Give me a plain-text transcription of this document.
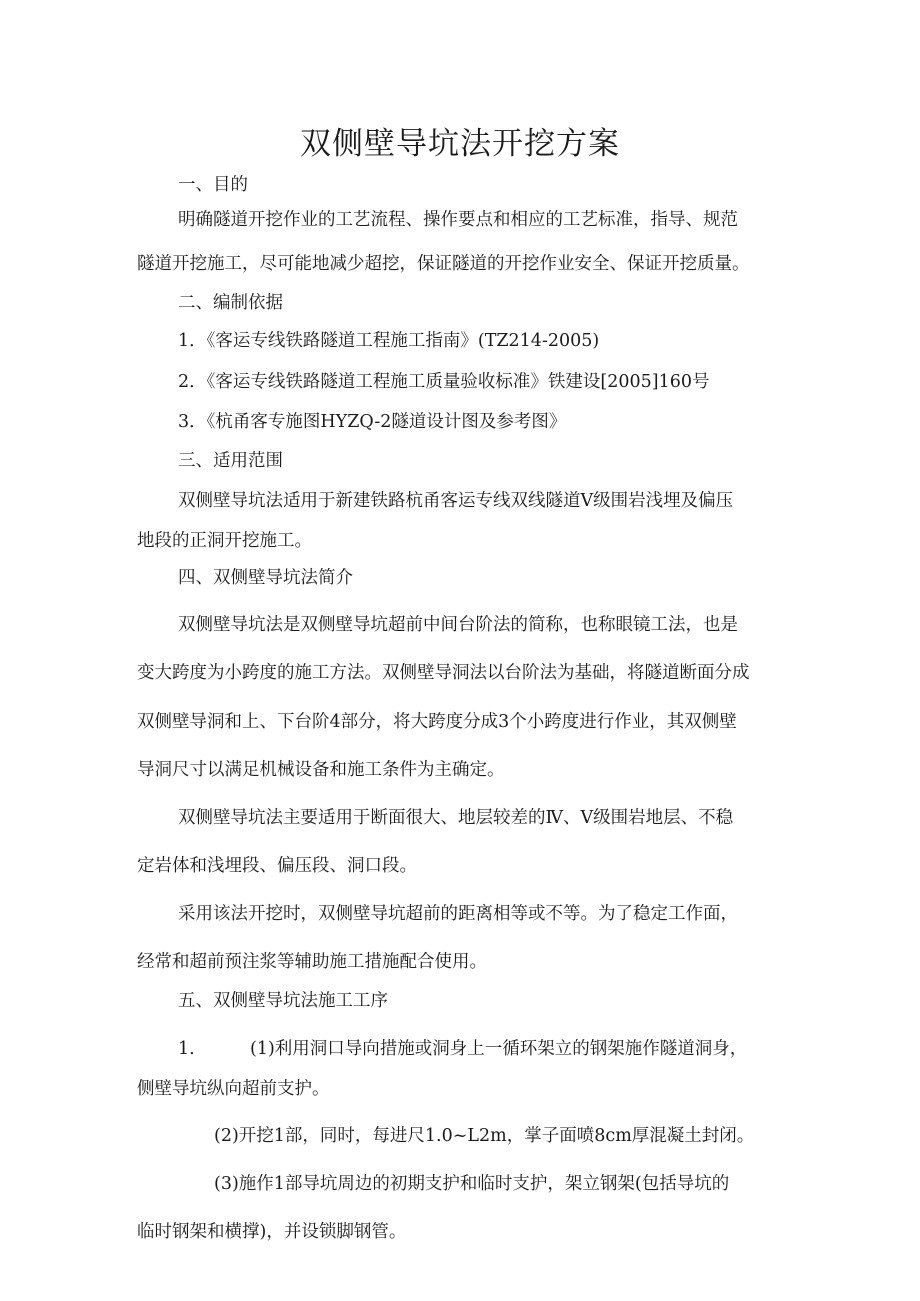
双侧壁导坑法开挖方案

一、目的

明确隧道开挖作业的工艺流程、操作要点和相应的工艺标准，指导、规范

隧道开挖施工，尽可能地减少超挖，保证隧道的开挖作业安全、保证开挖质量。

二、编制依据

1．《客运专线铁路隧道工程施工指南》(TZ214-2005)

2．《客运专线铁路隧道工程施工质量验收标准》铁建设[2005]160号

3．《杭甬客专施图HYZQ-2隧道设计图及参考图》

三、适用范围

双侧壁导坑法适用于新建铁路杭甬客运专线双线隧道Ⅴ级围岩浅埋及偏压

地段的正洞开挖施工。

四、双侧壁导坑法简介

双侧壁导坑法是双侧壁导坑超前中间台阶法的简称，也称眼镜工法，也是

变大跨度为小跨度的施工方法。双侧壁导洞法以台阶法为基础，将隧道断面分成

双侧壁导洞和上、下台阶4部分，将大跨度分成3个小跨度进行作业，其双侧壁

导洞尺寸以满足机械设备和施工条件为主确定。

双侧壁导坑法主要适用于断面很大、地层较差的Ⅳ、Ⅴ级围岩地层、不稳

定岩体和浅埋段、偏压段、洞口段。

采用该法开挖时，双侧壁导坑超前的距离相等或不等。为了稳定工作面，

经常和超前预注浆等辅助施工措施配合使用。

五、双侧壁导坑法施工工序

1.	(1)利用洞口导向措施或洞身上一循环架立的钢架施作隧道洞身，

侧壁导坑纵向超前支护。

(2)开挖1部，同时，每进尺1.0~L2m，掌子面喷8cm厚混凝土封闭。

(3)施作1部导坑周边的初期支护和临时支护，架立钢架(包括导坑的

临时钢架和横撑)，并设锁脚钢管。
